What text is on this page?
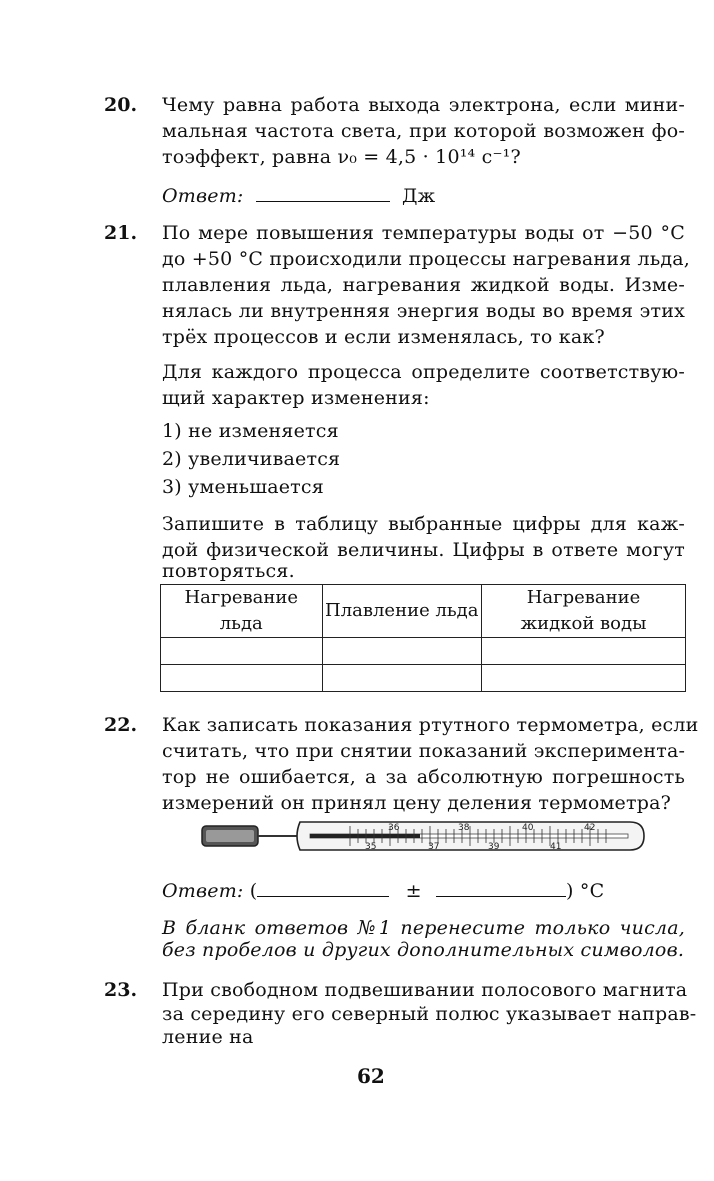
20. Чему равна работа выхода электрона, если мини-
мальная частота света, при которой возможен фо-
тоэффект, равна ν₀ = 4,5 · 10¹⁴ с⁻¹?
Ответ:	Дж
21. По мере повышения температуры воды от −50 °С
до +50 °С происходили процессы нагревания льда,
плавления льда, нагревания жидкой воды. Изме-
нялась ли внутренняя энергия воды во время этих
трёх процессов и если изменялась, то как?
Для каждого процесса определите соответствую-
щий характер изменения:
1) не изменяется
2) увеличивается
3) уменьшается
Запишите в таблицу выбранные цифры для каж-
дой физической величины. Цифры в ответе могут
повторяться.
Нагревание льда	Плавление льда	Нагревание жидкой воды

22. Как записать показания ртутного термометра, если
считать, что при снятии показаний эксперимента-
тор не ошибается, а за абсолютную погрешность
измерений он принял цену деления термометра?
36	38	40	42
35	37	39	41
Ответ: (	±	) °С
В бланк ответов №1 перенесите только числа,
без пробелов и других дополнительных символов.
23. При свободном подвешивании полосового магнита
за середину его северный полюс указывает направ-
ление на
62
